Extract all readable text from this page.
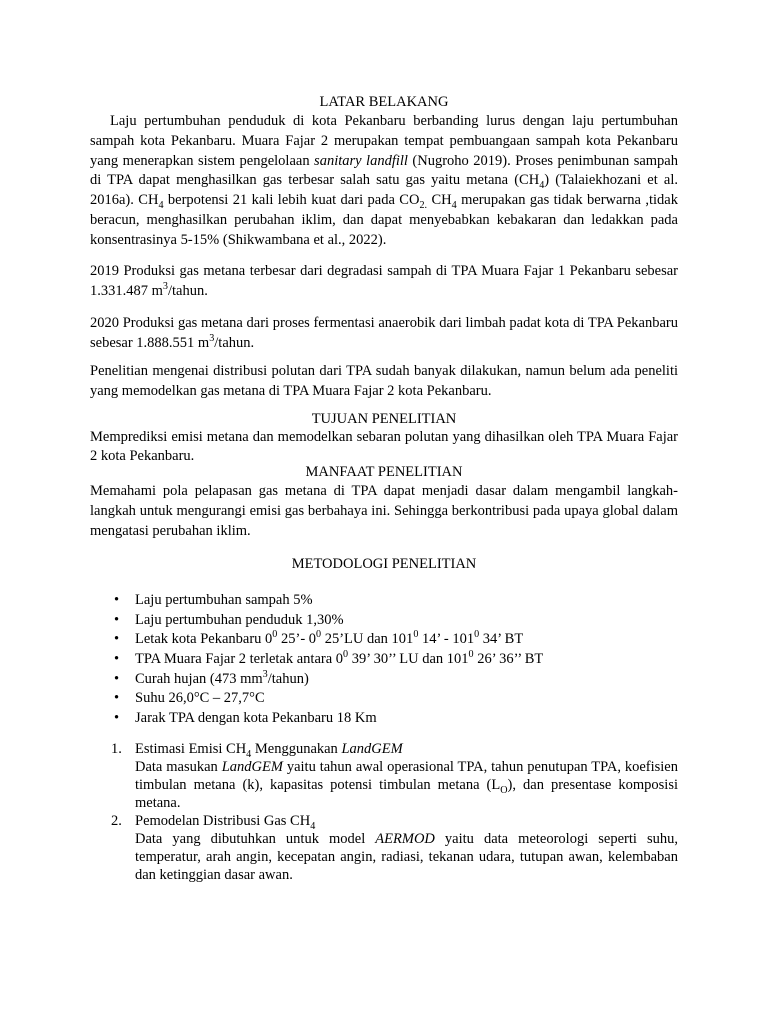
LATAR BELAKANG

Laju pertumbuhan penduduk di kota Pekanbaru berbanding lurus dengan laju pertumbuhan sampah kota Pekanbaru. Muara Fajar 2 merupakan tempat pembuangaan sampah kota Pekanbaru yang menerapkan sistem pengelolaan sanitary landfill (Nugroho 2019). Proses penimbunan sampah di TPA dapat menghasilkan gas terbesar salah satu gas yaitu metana $(CH_4)$ (Talaiekhozani et al. 2016a). $CH_4$ berpotensi 21 kali lebih kuat dari pada $CO_{2.}$ $CH_4$ merupakan gas tidak berwarna ,tidak beracun, menghasilkan perubahan iklim, dan dapat menyebabkan kebakaran dan ledakkan pada konsentrasinya 5-15% (Shikwambana et al., 2022).

2019 Produksi gas metana terbesar dari degradasi sampah di TPA Muara Fajar 1 Pekanbaru sebesar 1.331.487 $m^3$/tahun.

2020 Produksi gas metana dari proses fermentasi anaerobik dari limbah padat kota di TPA Pekanbaru sebesar 1.888.551 $m^3$/tahun.

Penelitian mengenai distribusi polutan dari TPA sudah banyak dilakukan, namun belum ada peneliti yang memodelkan gas metana di TPA Muara Fajar 2 kota Pekanbaru.

TUJUAN PENELITIAN

Memprediksi emisi metana dan memodelkan sebaran polutan yang dihasilkan oleh TPA Muara Fajar 2 kota Pekanbaru.

MANFAAT PENELITIAN

Memahami pola pelapasan gas metana di TPA dapat menjadi dasar dalam mengambil langkah-langkah untuk mengurangi emisi gas berbahaya ini. Sehingga berkontribusi pada upaya global dalam mengatasi perubahan iklim.

METODOLOGI PENELITIAN
• Laju pertumbuhan sampah 5%
• Laju pertumbuhan penduduk 1,30%
• Letak kota Pekanbaru $0^0$ 25’- $0^0$ 25’LU dan $101^0$ 14’ - $101^0$ 34’ BT
• TPA Muara Fajar 2 terletak antara $0^0$ 39’ 30’’ LU dan $101^0$ 26’ 36’’ BT
• Curah hujan (473 $mm^3/tahun$)
• Suhu 26,0°C – 27,7°C
• Jarak TPA dengan kota Pekanbaru 18 Km
1. Estimasi Emisi $CH_4$ Menggunakan LandGEM
Data masukan LandGEM yaitu tahun awal operasional TPA, tahun penutupan TPA, koefisien timbulan metana (k), kapasitas potensi timbulan metana $(L_O)$, dan presentase komposisi metana.
2. Pemodelan Distribusi Gas $CH_4$
Data yang dibutuhkan untuk model AERMOD yaitu data meteorologi seperti suhu, temperatur, arah angin, kecepatan angin, radiasi, tekanan udara, tutupan awan, kelembaban dan ketinggian dasar awan.
